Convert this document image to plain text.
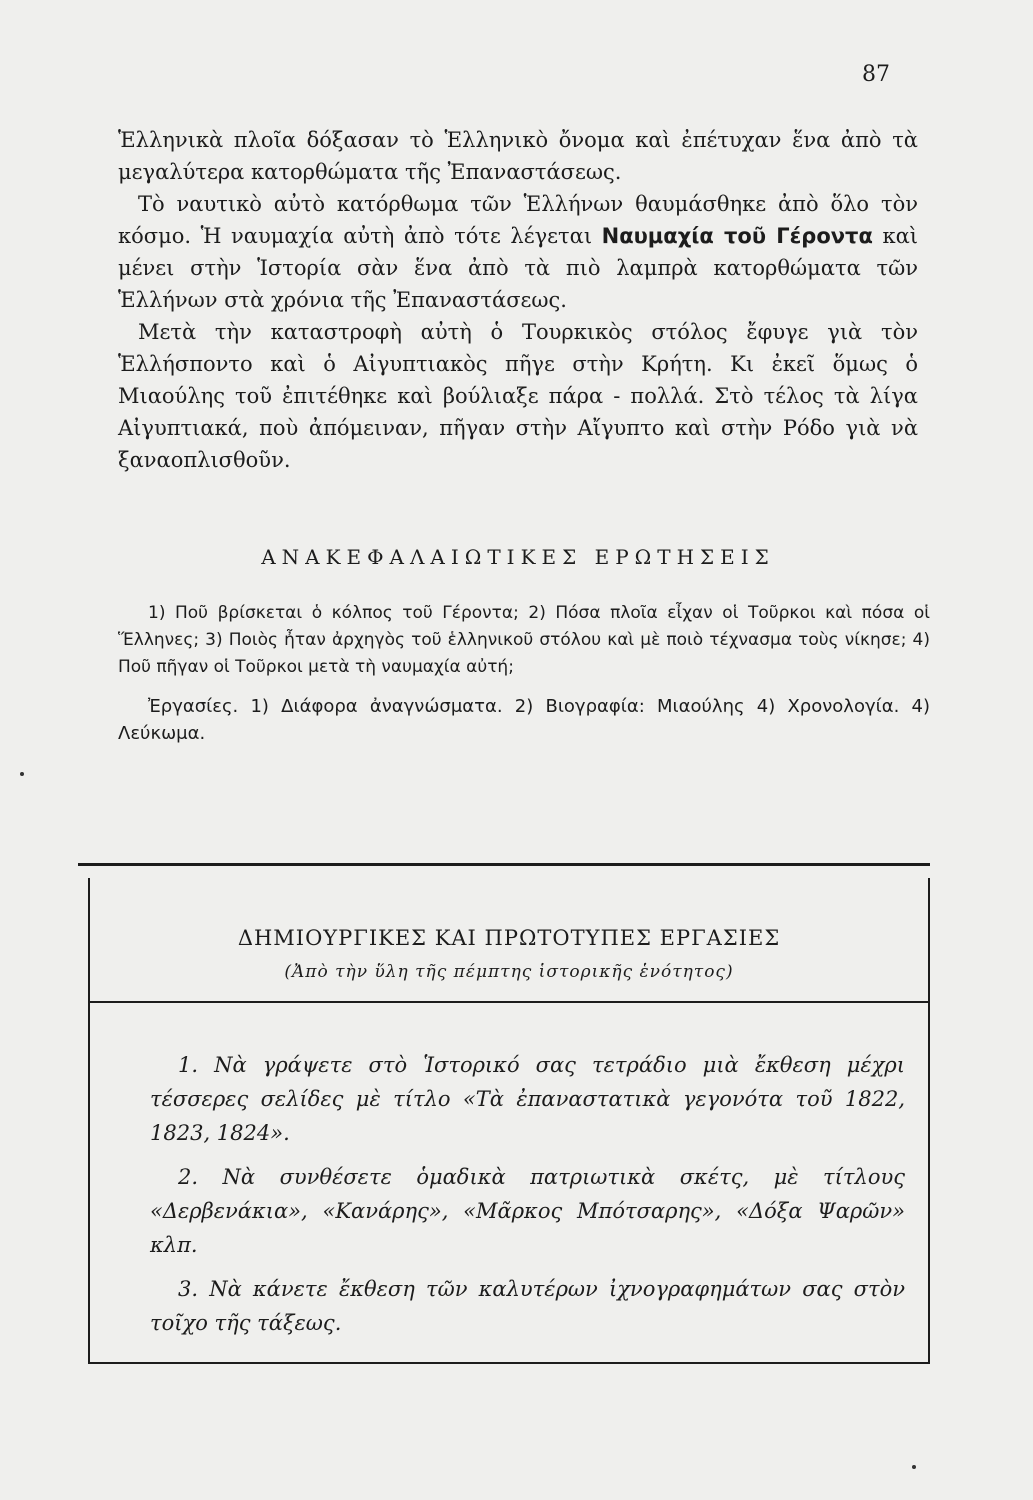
87

Ἑλληνικὰ πλοῖα δόξασαν τὸ Ἑλληνικὸ ὄνομα καὶ ἐπέτυχαν ἕνα ἀπὸ τὰ μεγαλύτερα κατορθώματα τῆς Ἐπαναστάσεως.

Τὸ ναυτικὸ αὐτὸ κατόρθωμα τῶν Ἑλλήνων θαυμάσθηκε ἀπὸ ὅλο τὸν κόσμο. Ἡ ναυμαχία αὐτὴ ἀπὸ τότε λέγεται Ναυμαχία τοῦ Γέροντα καὶ μένει στὴν Ἱστορία σὰν ἕνα ἀπὸ τὰ πιὸ λαμπρὰ κατορθώματα τῶν Ἑλλήνων στὰ χρόνια τῆς Ἐπαναστάσεως.

Μετὰ τὴν καταστροφὴ αὐτὴ ὁ Τουρκικὸς στόλος ἔφυγε γιὰ τὸν Ἑλλήσποντο καὶ ὁ Αἰγυπτιακὸς πῆγε στὴν Κρήτη. Κι ἐκεῖ ὅμως ὁ Μιαούλης τοῦ ἐπιτέθηκε καὶ βούλιαξε πάρα - πολλά. Στὸ τέλος τὰ λίγα Αἰγυπτιακά, ποὺ ἀπόμειναν, πῆγαν στὴν Αἴγυπτο καὶ στὴν Ρόδο γιὰ νὰ ξαναοπλισθοῦν.

ΑΝΑΚΕΦΑΛΑΙΩΤΙΚΕΣ ΕΡΩΤΗΣΕΙΣ

1) Ποῦ βρίσκεται ὁ κόλπος τοῦ Γέροντα; 2) Πόσα πλοῖα εἶχαν οἱ Τοῦρκοι καὶ πόσα οἱ Ἕλληνες; 3) Ποιὸς ἦταν ἀρχηγὸς τοῦ ἑλληνικοῦ στόλου καὶ μὲ ποιὸ τέχνασμα τοὺς νίκησε; 4) Ποῦ πῆγαν οἱ Τοῦρκοι μετὰ τὴ ναυμαχία αὐτή;

Ἐργασίες. 1) Διάφορα ἀναγνώσματα. 2) Βιογραφία: Μιαούλης 4) Χρονολογία. 4) Λεύκωμα.

ΔΗΜΙΟΥΡΓΙΚΕΣ ΚΑΙ ΠΡΩΤΟΤΥΠΕΣ ΕΡΓΑΣΙΕΣ
(Ἀπὸ τὴν ὕλη τῆς πέμπτης ἱστορικῆς ἑνότητος)

1. Νὰ γράψετε στὸ Ἱστορικό σας τετράδιο μιὰ ἔκθεση μέχρι τέσσερες σελίδες μὲ τίτλο «Τὰ ἐπαναστατικὰ γεγονότα τοῦ 1822, 1823, 1824».

2. Νὰ συνθέσετε ὁμαδικὰ πατριωτικὰ σκέτς, μὲ τίτλους «Δερβενάκια», «Κανάρης», «Μᾶρκος Μπότσαρης», «Δόξα Ψαρῶν» κλπ.

3. Νὰ κάνετε ἔκθεση τῶν καλυτέρων ἰχνογραφημάτων σας στὸν τοῖχο τῆς τάξεως.
